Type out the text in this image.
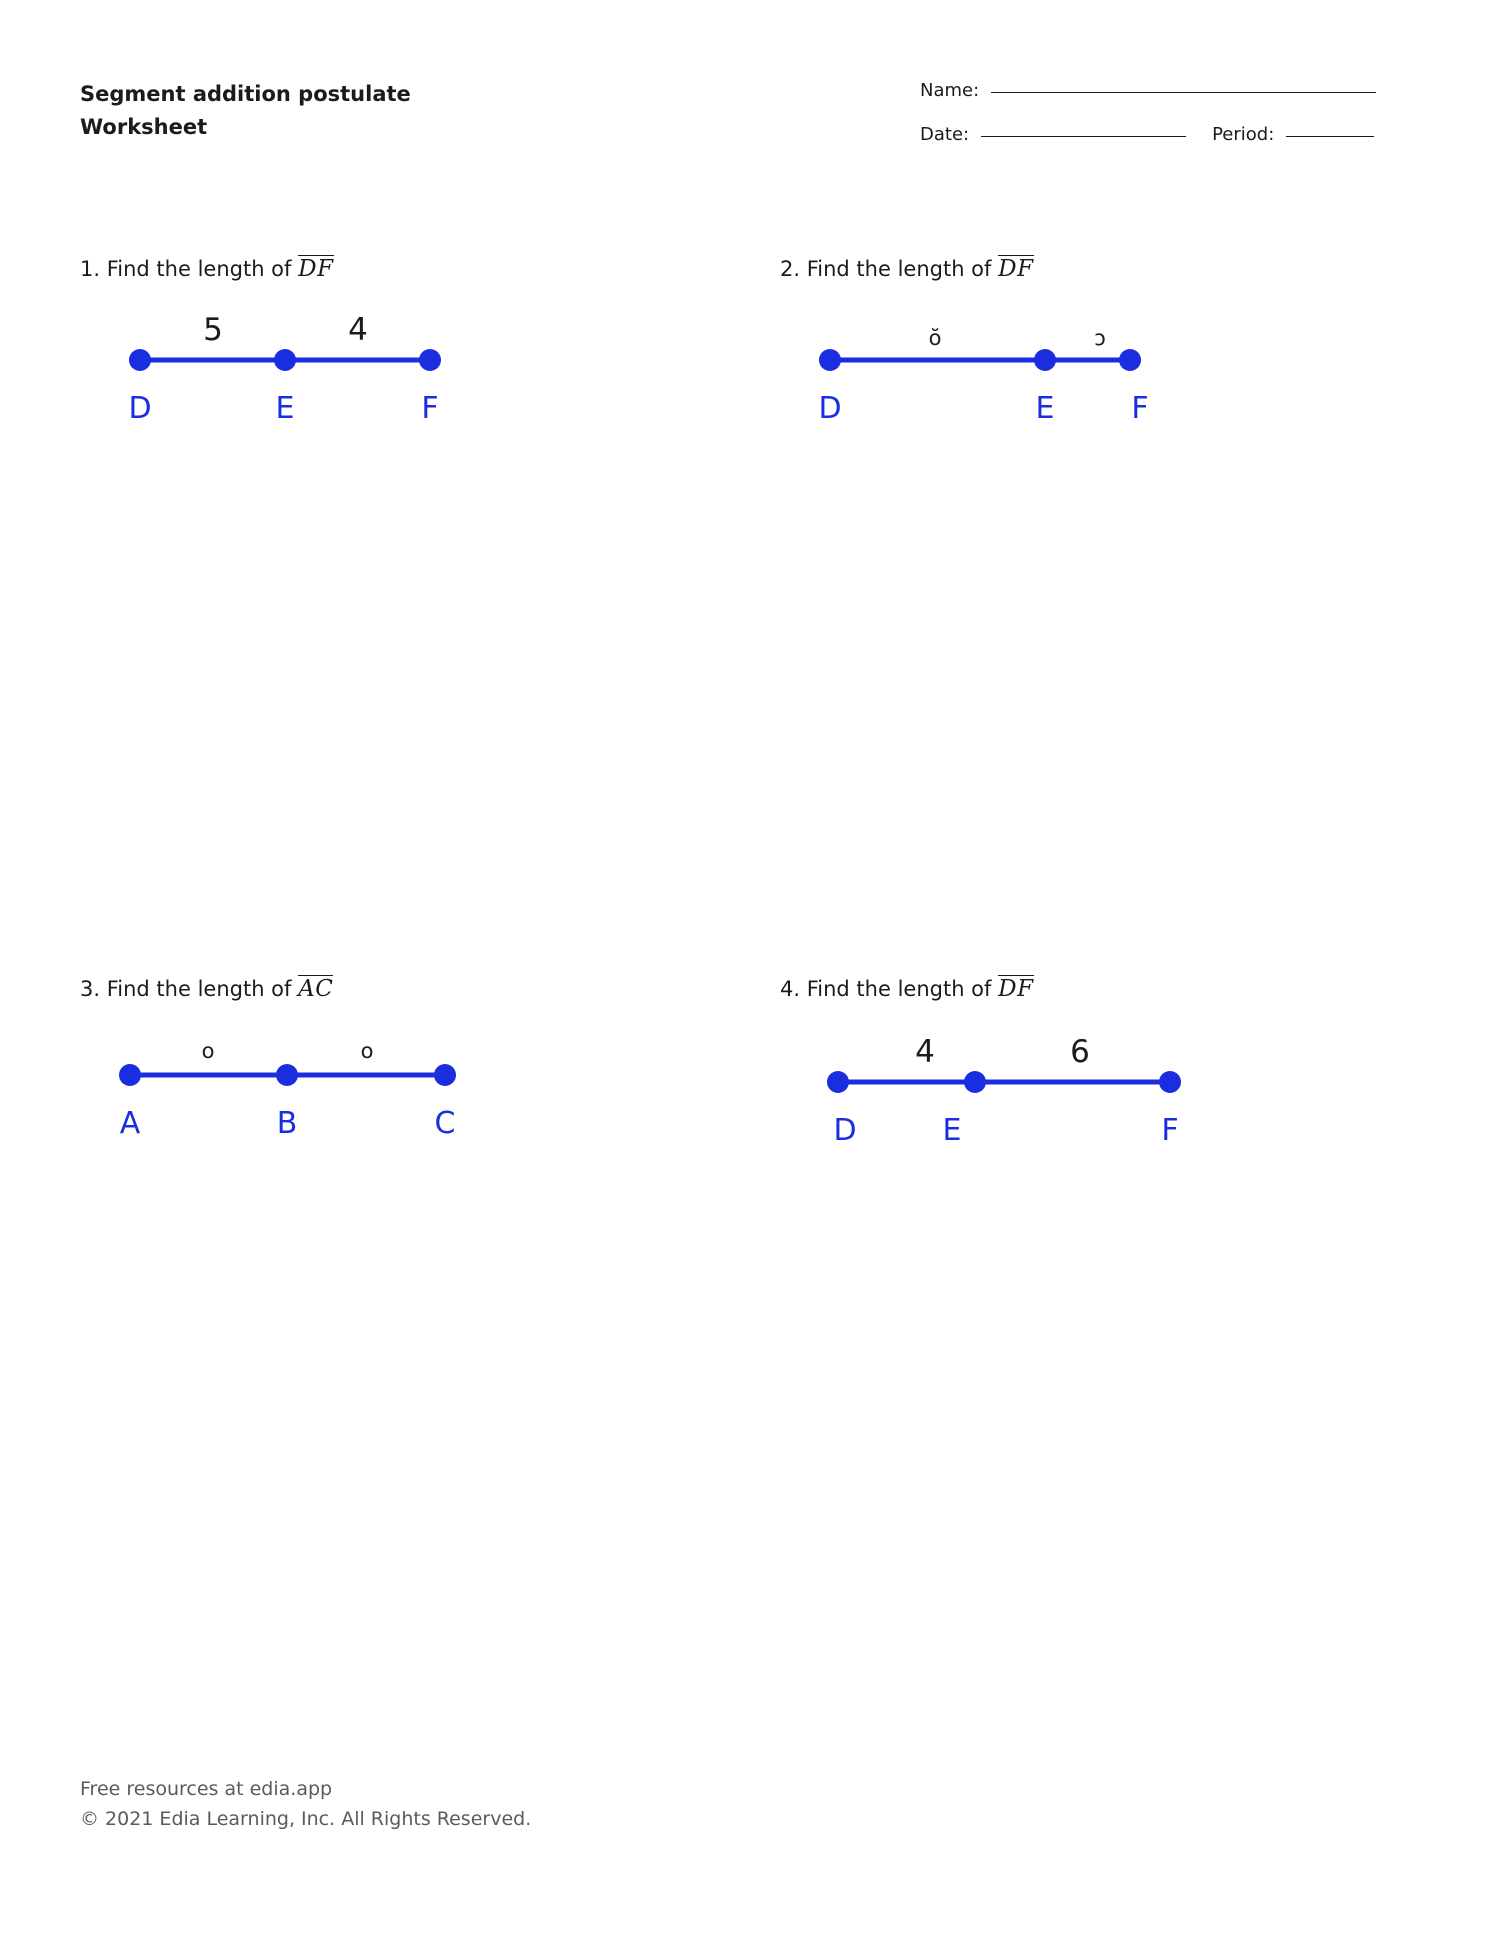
Segment addition postulate
Worksheet
Name:
Date:	Period:
1. Find the length of DF
5	4
D	E	F
2. Find the length of DF
ŏ	ͻ
D	E	F
3. Find the length of AC
o	o
A	B	C
4. Find the length of DF
4	6
D	E	F
Free resources at edia.app
© 2021 Edia Learning, Inc. All Rights Reserved.
